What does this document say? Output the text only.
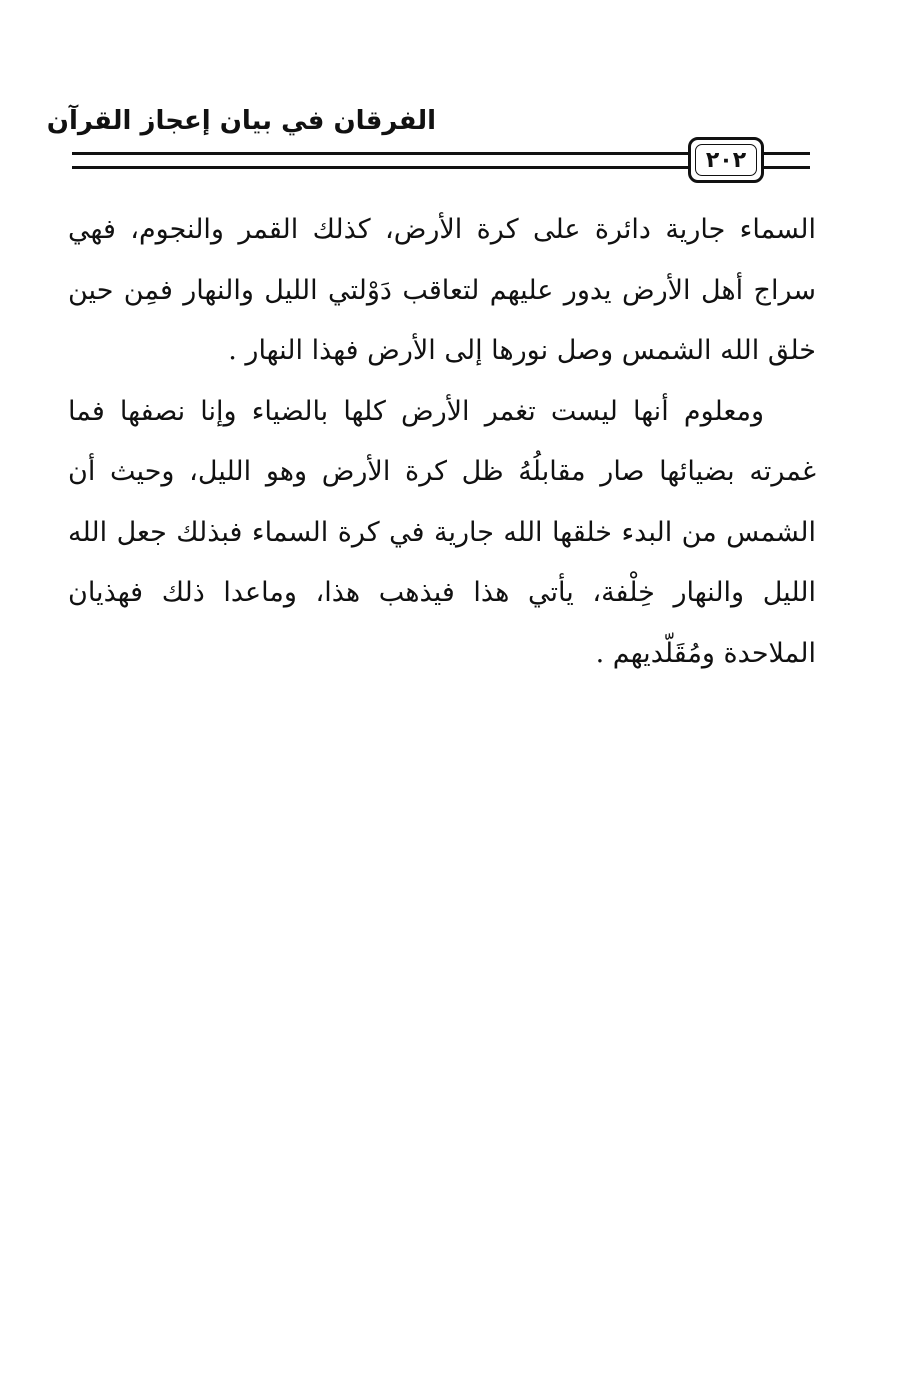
الفرقان في بيان إعجاز القرآن
٢٠٢

السماء جارية دائرة على كرة الأرض، كذلك القمر والنجوم، فهي سراج أهل الأرض يدور عليهم لتعاقب دَوْلتي الليل والنهار فمِن حين خلق الله الشمس وصل نورها إلى الأرض فهذا النهار .

ومعلوم أنها ليست تغمر الأرض كلها بالضياء وإنا نصفها فما غمرته بضيائها صار مقابلُهُ ظل كرة الأرض وهو الليل، وحيث أن الشمس من البدء خلقها الله جارية في كرة السماء فبذلك جعل الله الليل والنهار خِلْفة، يأتي هذا فيذهب هذا، وماعدا ذلك فهذيان الملاحدة ومُقَلّديهم .
